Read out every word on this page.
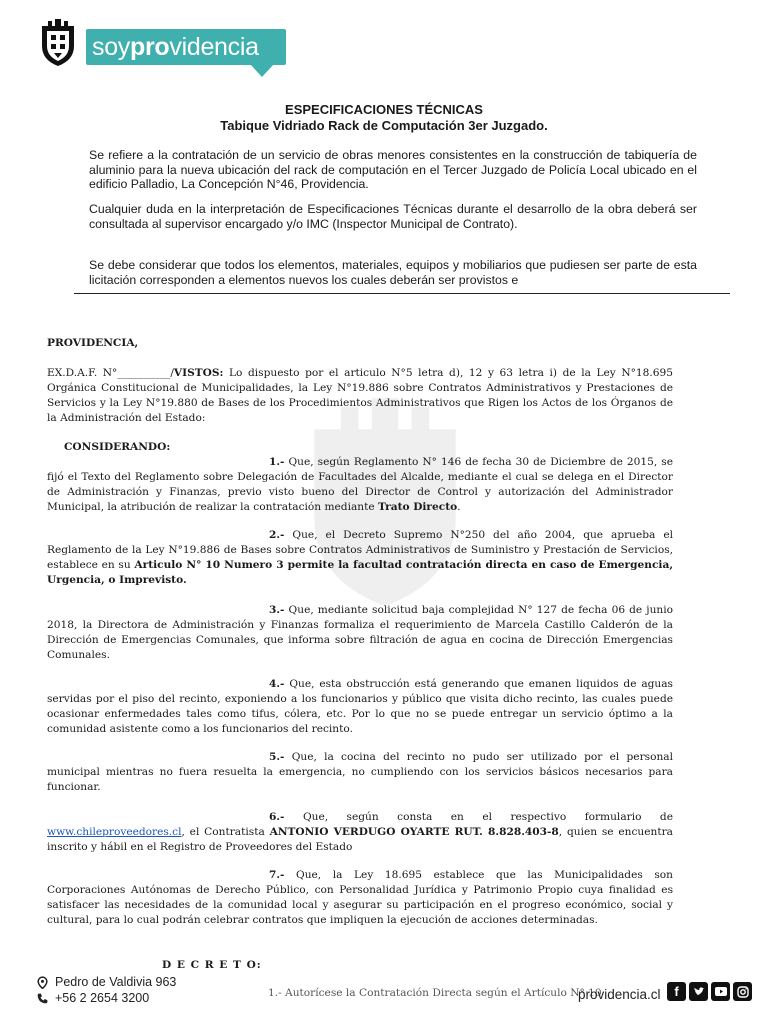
soyprovidencia
ESPECIFICACIONES TÉCNICAS
Tabique Vidriado Rack de Computación 3er Juzgado.
Se refiere a la contratación de un servicio de obras menores consistentes en la construcción de tabiquería de aluminio para la nueva ubicación del rack de computación en el Tercer Juzgado de Policía Local ubicado en el edificio Palladio, La Concepción N°46, Providencia.
Cualquier duda en la interpretación de Especificaciones Técnicas durante el desarrollo de la obra deberá ser consultada al supervisor encargado y/o IMC (Inspector Municipal de Contrato).
Se debe considerar que todos los elementos, materiales, equipos y mobiliarios que pudiesen ser parte de esta licitación corresponden a elementos nuevos los cuales deberán ser provistos e
PROVIDENCIA,
EX.D.A.F. N°__________/VISTOS: Lo dispuesto por el articulo N°5 letra d), 12 y 63 letra i) de la Ley N°18.695 Orgánica Constitucional de Municipalidades, la Ley N°19.886 sobre Contratos Administrativos y Prestaciones de Servicios y la Ley N°19.880 de Bases de los Procedimientos Administrativos que Rigen los Actos de los Órganos de la Administración del Estado:
CONSIDERANDO:
1.- Que, según Reglamento N° 146 de fecha 30 de Diciembre de 2015, se fijó el Texto del Reglamento sobre Delegación de Facultades del Alcalde, mediante el cual se delega en el Director de Administración y Finanzas, previo visto bueno del Director de Control y autorización del Administrador Municipal, la atribución de realizar la contratación mediante Trato Directo.
2.- Que, el Decreto Supremo N°250 del año 2004, que aprueba el Reglamento de la Ley N°19.886 de Bases sobre Contratos Administrativos de Suministro y Prestación de Servicios, establece en su Articulo N° 10 Numero 3 permite la facultad contratación directa en caso de Emergencia, Urgencia, o Imprevisto.
3.- Que, mediante solicitud baja complejidad N° 127 de fecha 06 de junio 2018, la Directora de Administración y Finanzas formaliza el requerimiento de Marcela Castillo Calderón de la Dirección de Emergencias Comunales, que informa sobre filtración de agua en cocina de Dirección Emergencias Comunales.
4.- Que, esta obstrucción está generando que emanen liquidos de aguas servidas por el piso del recinto, exponiendo a los funcionarios y público que visita dicho recinto, las cuales puede ocasionar enfermedades tales como tifus, cólera, etc. Por lo que no se puede entregar un servicio óptimo a la comunidad asistente como a los funcionarios del recinto.
5.- Que, la cocina del recinto no pudo ser utilizado por el personal municipal mientras no fuera resuelta la emergencia, no cumpliendo con los servicios básicos necesarios para funcionar.
6.- Que, según consta en el respectivo formulario de www.chileproveedores.cl, el Contratista ANTONIO VERDUGO OYARTE RUT. 8.828.403-8, quien se encuentra inscrito y hábil en el Registro de Proveedores del Estado
7.- Que, la Ley 18.695 establece que las Municipalidades son Corporaciones Autónomas de Derecho Público, con Personalidad Jurídica y Patrimonio Propio cuya finalidad es satisfacer las necesidades de la comunidad local y asegurar su participación en el progreso económico, social y cultural, para lo cual podrán celebrar contratos que impliquen la ejecución de acciones determinadas.
D E C R E T O:
1.- Autorícese la Contratación Directa según el Artículo N° 10
Pedro de Valdivia 963
+56 2 2654 3200	providencia.cl	f
